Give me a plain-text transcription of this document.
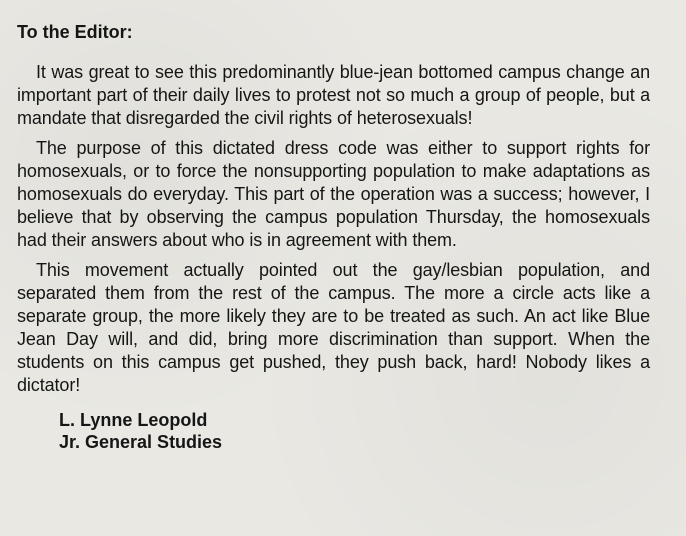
To the Editor:

It was great to see this predominantly blue-jean bottomed campus change an important part of their daily lives to protest not so much a group of people, but a mandate that disregarded the civil rights of heterosexuals!

The purpose of this dictated dress code was either to support rights for homosexuals, or to force the nonsupporting population to make adaptations as homosexuals do everyday. This part of the operation was a success; however, I believe that by observing the campus population Thursday, the homosexuals had their answers about who is in agreement with them.

This movement actually pointed out the gay/lesbian population, and separated them from the rest of the campus. The more a circle acts like a separate group, the more likely they are to be treated as such. An act like Blue Jean Day will, and did, bring more discrimination than support. When the students on this campus get pushed, they push back, hard! Nobody likes a dictator!

L. Lynne Leopold
Jr. General Studies
